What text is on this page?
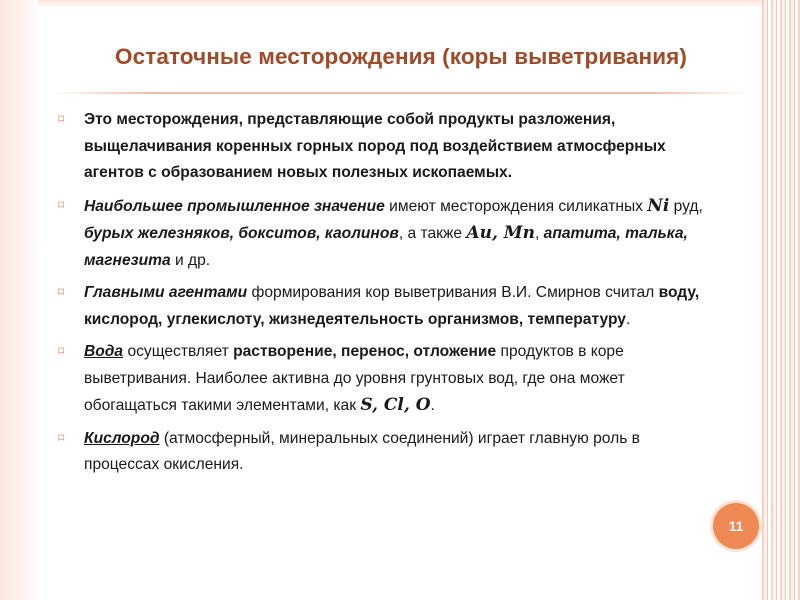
Остаточные месторождения (коры выветривания)
⌑ Это месторождения, представляющие собой продукты разложения, выщелачивания коренных горных пород под воздействием атмосферных агентов с образованием новых полезных ископаемых.
⌑ Наибольшее промышленное значение имеют месторождения силикатных Ni руд, бурых железняков, бокситов, каолинов, а также Au, Mn, апатита, талька, магнезита и др.
⌑ Главными агентами формирования кор выветривания В.И. Смирнов считал воду, кислород, углекислоту, жизнедеятельность организмов, температуру.
⌑ Вода осуществляет растворение, перенос, отложение продуктов в коре выветривания. Наиболее активна до уровня грунтовых вод, где она может обогащаться такими элементами, как S, Cl, O.
⌑ Кислород (атмосферный, минеральных соединений) играет главную роль в процессах окисления.
11
